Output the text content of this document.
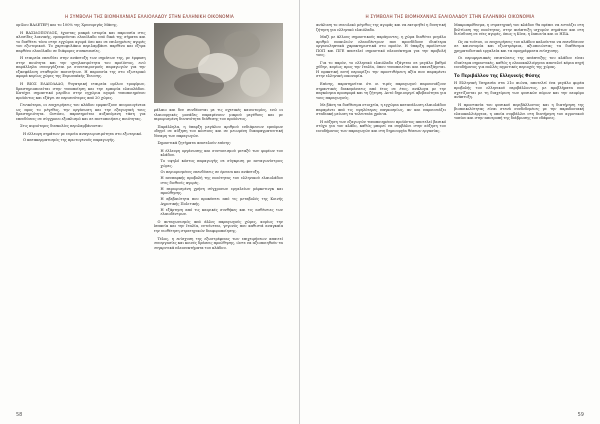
Η ΣΥΜΒΟΛΗ ΤΗΣ ΒΙΟΜΗΧΑΝΙΑΣ ΕΛΑΙΟΛΑΔΟΥ ΣΤΗΝ ΕΛΛΗΝΙΚΗ ΟΙΚΟΝΟΜΙΑ

ομίλου ΒΑΛΕΤΕΡ) και το 100% της Χρυσοριγάς Μάνης.

Η ΒΑΣΙΛΟΠΟΥΛΟΣ, έχοντας μακρά ιστορία και παρουσία στις αλυσίδες λιανικής, εμπορεύεται ελαιόλαδο υπό δικά της σήματα και το διαθέτει τόσο στην εγχώρια αγορά όσο και σε επιλεγμένες αγορές του εξωτερικού. Το χαρτοφυλάκιο περιλαμβάνει παρθένο και έξτρα παρθένο ελαιόλαδο σε διάφορες συσκευασίες.

Η εταιρεία επενδύει στην ανάπτυξη των σημάτων της, με έμφαση στην ποιότητα και την ιχνηλασιμότητα του προϊόντος, ενώ παράλληλα συνεργάζεται με συνεταιρισμούς παραγωγών για την εξασφάλιση σταθερών ποσοτήτων. Η παρουσία της στο εξωτερικό αφορά κυρίως χώρες της Ευρωπαϊκής Ένωσης.

Η ΒΙΟΣ ΕΛΑΙΟΛΑΔΟ, θυγατρική εταιρεία ομίλου τροφίμων, δραστηριοποιείται στην τυποποίηση και την εμπορία ελαιολάδου. Κατέχει σημαντικό μερίδιο στην εγχώρια αγορά τυποποιημένου προϊόντος και εξάγει σε περισσότερες από 20 χώρες.

Γενικότερα, οι επιχειρήσεις του κλάδου εμφανίζουν ανομοιογένεια ως προς το μέγεθος, την οργάνωση και την εξαγωγική τους δραστηριότητα. Ωστόσο, παρατηρείται αυξανόμενη τάση για επενδύσεις σε σύγχρονο εξοπλισμό και σε πιστοποιήσεις ποιότητας.

Στις κυριότερες δυσκολίες περιλαμβάνονται:

• Η έλλειψη σημάτων με ευρεία αναγνωρισιμότητα στο εξωτερικό.
• Ο κατακερματισμός της πρωτογενούς παραγωγής.

φάλαιο και δεν συνδέονται με τις σχετικές καινοτομίες, ενώ οι ελαιουργικές μονάδες παραμένουν μικρού μεγέθους και με περιορισμένη δυνατότητα διάθεσης του προϊόντος.

Παράλληλα, η ύπαρξη μεγάλου αριθμού ενδιάμεσων εμπόρων οδηγεί σε αύξηση του κόστους και σε μειωμένη διαπραγματευτική δύναμη των παραγωγών.

Σημαντικά ζητήματα αποτελούν επίσης:

• Η έλλειψη οργάνωσης και συντονισμού μεταξύ των φορέων του κλάδου.
• Το υψηλό κόστος παραγωγής σε σύγκριση με ανταγωνίστριες χώρες.
• Οι περιορισμένες επενδύσεις σε έρευνα και ανάπτυξη.
• Η ανεπαρκής προβολή της ποιότητας του ελληνικού ελαιολάδου στις διεθνείς αγορές.
• Η περιορισμένη χρήση σύγχρονων εργαλείων μάρκετινγκ και προώθησης.
• Η αβεβαιότητα που προκύπτει από τις μεταβολές της Κοινής Αγροτικής Πολιτικής.
• Η εξάρτηση από τις καιρικές συνθήκες και τις ασθένειες των ελαιοδέντρων.

Ο ανταγωνισμός από άλλες παραγωγούς χώρες, κυρίως την Ισπανία και την Ιταλία, εντείνεται, γεγονός που καθιστά αναγκαία την υιοθέτηση στρατηγικών διαφοροποίησης.

Τέλος, η ενίσχυση της εξωστρέφειας των επιχειρήσεων απαιτεί συνεργασίες και κοινές δράσεις προώθησης, ώστε να αξιοποιηθούν τα συγκριτικά πλεονεκτήματα του κλάδου.

58
Η ΣΥΜΒΟΛΗ ΤΗΣ ΒΙΟΜΗΧΑΝΙΑΣ ΕΛΑΙΟΛΑΔΟΥ ΣΤΗΝ ΕΛΛΗΝΙΚΗ ΟΙΚΟΝΟΜΙΑ

ανάλυση το συνολικό μέγεθος της αγοράς και να εκτιμηθεί η δυνητική ζήτηση για ελληνικό ελαιόλαδο.

Μαζί με άλλους σημαντικούς παράγοντες, η χώρα διαθέτει μεγάλο αριθμό ποικιλιών ελαιοδέντρων που προσδίδουν ιδιαίτερα οργανοληπτικά χαρακτηριστικά στο προϊόν. Η ύπαρξη προϊόντων ΠΟΠ και ΠΓΕ αποτελεί σημαντικό πλεονέκτημα για την προβολή τους.

Για το παρόν, το ελληνικό ελαιόλαδο εξάγεται σε μεγάλο βαθμό χύδην, κυρίως προς την Ιταλία, όπου τυποποιείται και επανεξάγεται. Η πρακτική αυτή περιορίζει την προστιθέμενη αξία που παραμένει στην ελληνική οικονομία.

Επίσης, παρατηρείται ότι οι τιμές παραγωγού παρουσιάζουν σημαντικές διακυμάνσεις από έτος σε έτος, ανάλογα με την παγκόσμια προσφορά και τη ζήτηση. Αυτό δημιουργεί αβεβαιότητα για τους παραγωγούς.

Με βάση τα διαθέσιμα στοιχεία, η εγχώρια κατανάλωση ελαιολάδου παραμένει από τις υψηλότερες παγκοσμίως, αν και παρουσιάζει σταδιακή μείωση τα τελευταία χρόνια.

Η αύξηση των εξαγωγών τυποποιημένου προϊόντος αποτελεί βασικό στόχο για τον κλάδο, καθώς μπορεί να συμβάλει στην αύξηση του εισοδήματος των παραγωγών και στη δημιουργία θέσεων εργασίας.

Μακροπρόθεσμα, η στρατηγική του κλάδου θα πρέπει να εστιάζει στη βελτίωση της ποιότητας, στην ανάπτυξη ισχυρών σημάτων και στη διείσδυση σε νέες αγορές, όπως η Κίνα, η Ιαπωνία και οι ΗΠΑ.

Ως εκ τούτου, οι επιχειρήσεις του κλάδου καλούνται να επενδύσουν σε καινοτομία και εξωστρέφεια, αξιοποιώντας τα διαθέσιμα χρηματοδοτικά εργαλεία και τα προγράμματα ενίσχυσης.

Οι περιφερειακές επιπτώσεις της ανάπτυξης του κλάδου είναι ιδιαίτερα σημαντικές, καθώς η ελαιοκαλλιέργεια αποτελεί κύρια πηγή εισοδήματος για πολλές αγροτικές περιοχές της χώρας.

Το Περιβάλλον της Ελληνικής Φύσης

Η Ελληνική Υπηρεσία στα 21ο αιώνα, αποτελεί ένα μεγάλο φορέα προβολής του ελληνικού περιβάλλοντος, με προβλήματα που σχετίζονται με τη διαχείριση των φυσικών πόρων και την αειφόρο ανάπτυξη.

Η προστασία του φυσικού περιβάλλοντος και η διατήρηση της βιοποικιλότητας είναι στενά συνδεδεμένες με την παραδοσιακή ελαιοκαλλιέργεια, η οποία συμβάλλει στη διατήρηση του αγροτικού τοπίου και στην αποτροπή της διάβρωσης του εδάφους.

59
